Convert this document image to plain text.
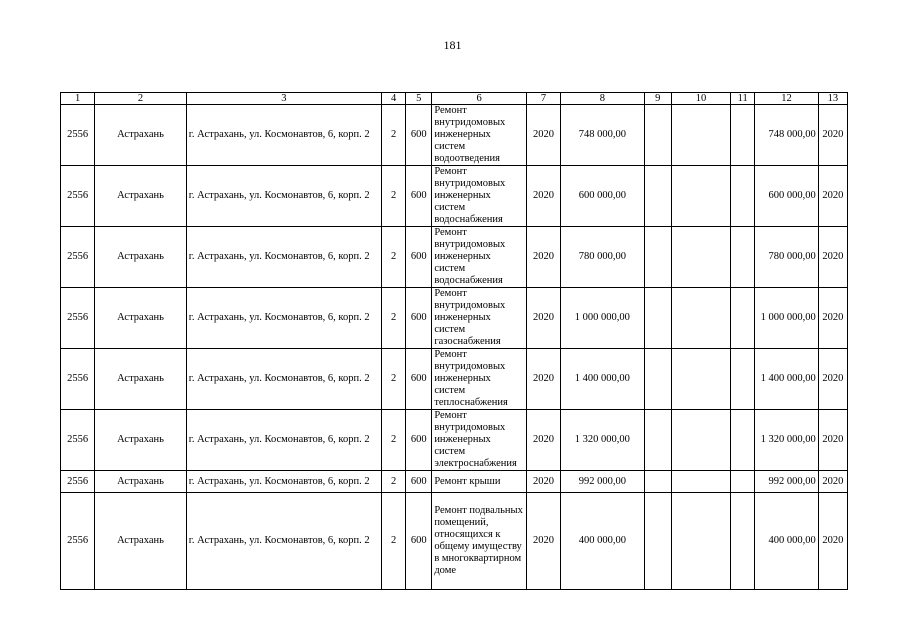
181
1	2	3	4	5	6	7	8	9	10	11	12	13
2556	Астрахань	г. Астрахань, ул. Космонавтов, 6, корп. 2	2	600	Ремонт внутридомовых инженерных систем водоотведения	2020	748 000,00				748 000,00	2020
2556	Астрахань	г. Астрахань, ул. Космонавтов, 6, корп. 2	2	600	Ремонт внутридомовых инженерных систем водоснабжения	2020	600 000,00				600 000,00	2020
2556	Астрахань	г. Астрахань, ул. Космонавтов, 6, корп. 2	2	600	Ремонт внутридомовых инженерных систем водоснабжения	2020	780 000,00				780 000,00	2020
2556	Астрахань	г. Астрахань, ул. Космонавтов, 6, корп. 2	2	600	Ремонт внутридомовых инженерных систем газоснабжения	2020	1 000 000,00				1 000 000,00	2020
2556	Астрахань	г. Астрахань, ул. Космонавтов, 6, корп. 2	2	600	Ремонт внутридомовых инженерных систем теплоснабжения	2020	1 400 000,00				1 400 000,00	2020
2556	Астрахань	г. Астрахань, ул. Космонавтов, 6, корп. 2	2	600	Ремонт внутридомовых инженерных систем электроснабжения	2020	1 320 000,00				1 320 000,00	2020
2556	Астрахань	г. Астрахань, ул. Космонавтов, 6, корп. 2	2	600	Ремонт крыши	2020	992 000,00				992 000,00	2020
2556	Астрахань	г. Астрахань, ул. Космонавтов, 6, корп. 2	2	600	Ремонт подвальных помещений, относящихся к общему имуществу в многоквартирном доме	2020	400 000,00				400 000,00	2020
